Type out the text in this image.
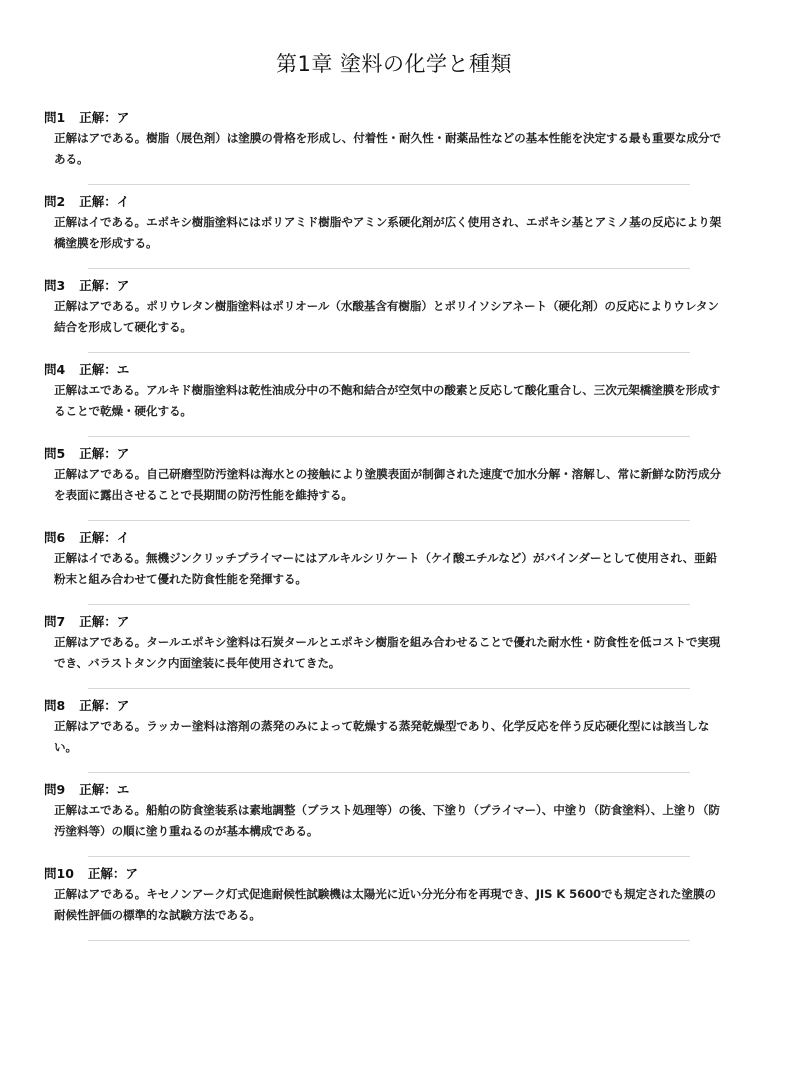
第1章 塗料の化学と種類
問1 正解：ア
正解はアである。樹脂（展色剤）は塗膜の骨格を形成し、付着性・耐久性・耐薬品性などの基本性能を決定する最も重要な成分である。
問2 正解：イ
正解はイである。エポキシ樹脂塗料にはポリアミド樹脂やアミン系硬化剤が広く使用され、エポキシ基とアミノ基の反応により架橋塗膜を形成する。
問3 正解：ア
正解はアである。ポリウレタン樹脂塗料はポリオール（水酸基含有樹脂）とポリイソシアネート（硬化剤）の反応によりウレタン結合を形成して硬化する。
問4 正解：エ
正解はエである。アルキド樹脂塗料は乾性油成分中の不飽和結合が空気中の酸素と反応して酸化重合し、三次元架橋塗膜を形成することで乾燥・硬化する。
問5 正解：ア
正解はアである。自己研磨型防汚塗料は海水との接触により塗膜表面が制御された速度で加水分解・溶解し、常に新鮮な防汚成分を表面に露出させることで長期間の防汚性能を維持する。
問6 正解：イ
正解はイである。無機ジンクリッチプライマーにはアルキルシリケート（ケイ酸エチルなど）がバインダーとして使用され、亜鉛粉末と組み合わせて優れた防食性能を発揮する。
問7 正解：ア
正解はアである。タールエポキシ塗料は石炭タールとエポキシ樹脂を組み合わせることで優れた耐水性・防食性を低コストで実現でき、バラストタンク内面塗装に長年使用されてきた。
問8 正解：ア
正解はアである。ラッカー塗料は溶剤の蒸発のみによって乾燥する蒸発乾燥型であり、化学反応を伴う反応硬化型には該当しない。
問9 正解：エ
正解はエである。船舶の防食塗装系は素地調整（ブラスト処理等）の後、下塗り（プライマー）、中塗り（防食塗料）、上塗り（防汚塗料等）の順に塗り重ねるのが基本構成である。
問10 正解：ア
正解はアである。キセノンアーク灯式促進耐候性試験機は太陽光に近い分光分布を再現でき、JIS K 5600でも規定された塗膜の耐候性評価の標準的な試験方法である。
